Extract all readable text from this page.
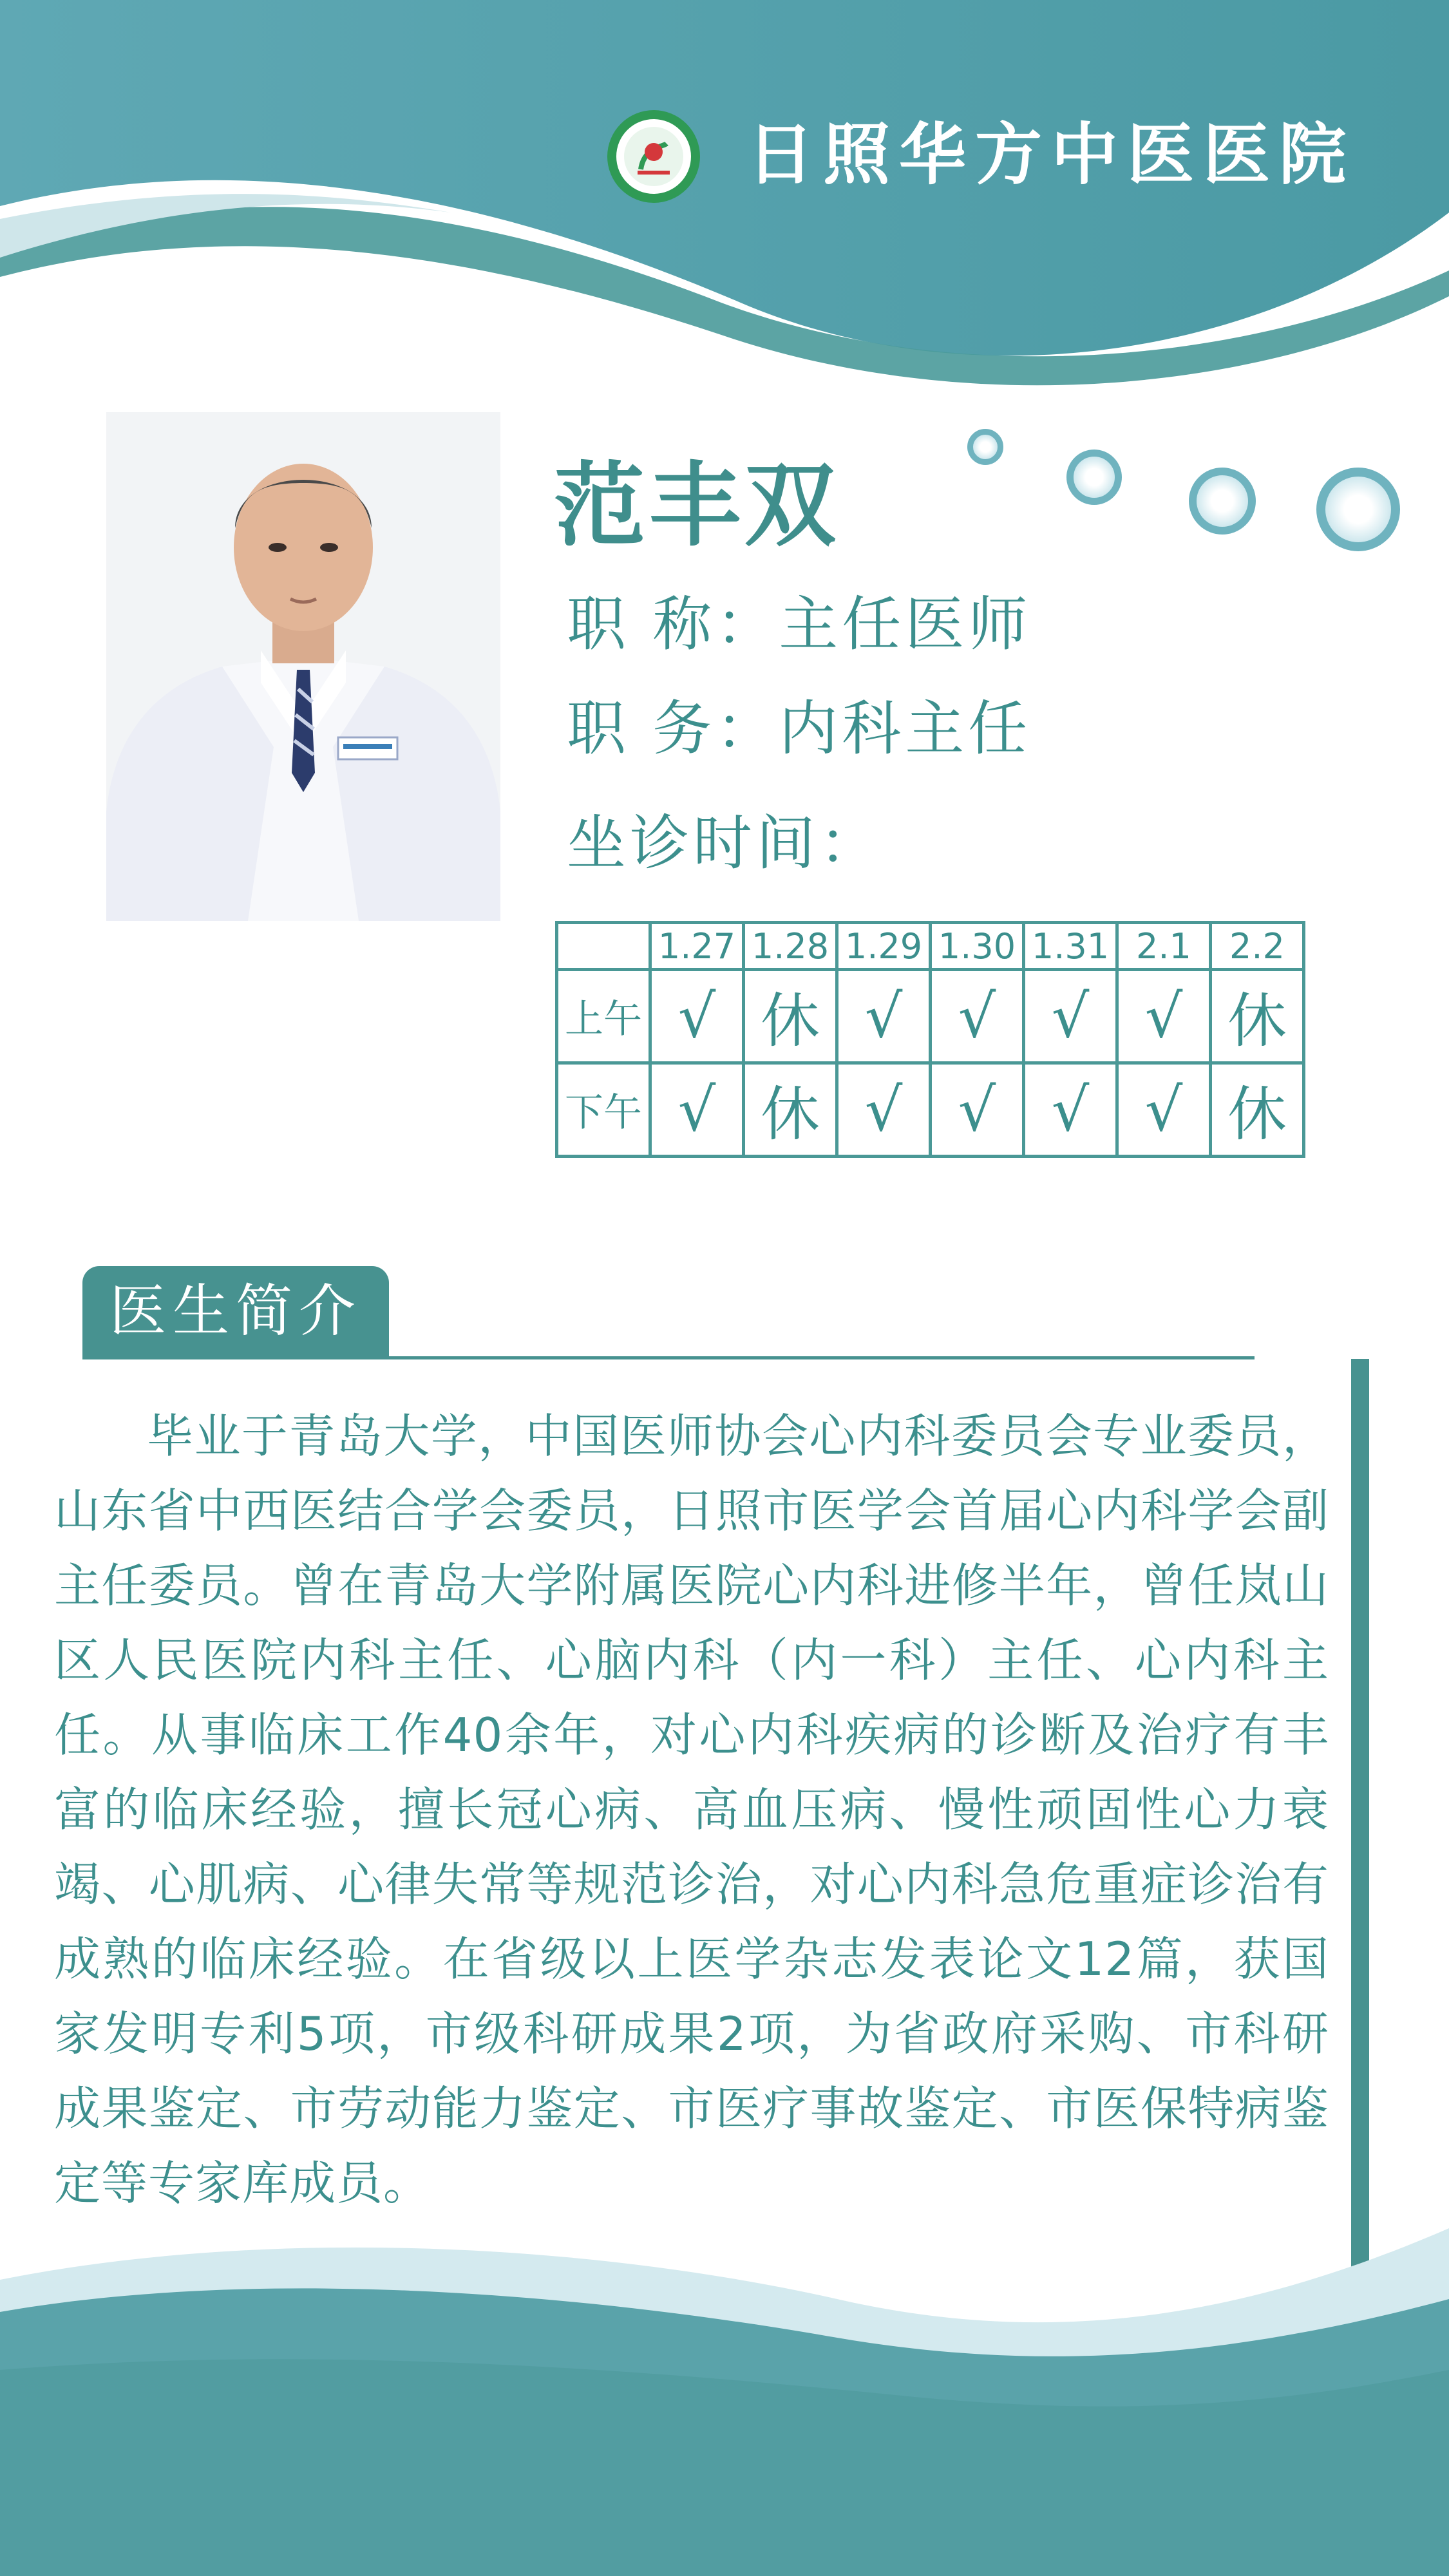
日照华方中医医院
范丰双
职 称：主任医师
职 务：内科主任
坐诊时间：
	1.27	1.28	1.29	1.30	1.31	2.1	2.2
上午	√	休	√	√	√	√	休
下午	√	休	√	√	√	√	休
医生简介
毕业于青岛大学，中国医师协会心内科委员会专业委员，山东省中西医结合学会委员，日照市医学会首届心内科学会副主任委员。曾在青岛大学附属医院心内科进修半年，曾任岚山区人民医院内科主任、心脑内科（内一科）主任、心内科主任。从事临床工作40余年，对心内科疾病的诊断及治疗有丰富的临床经验，擅长冠心病、高血压病、慢性顽固性心力衰竭、心肌病、心律失常等规范诊治，对心内科急危重症诊治有成熟的临床经验。在省级以上医学杂志发表论文12篇，获国家发明专利5项，市级科研成果2项，为省政府采购、市科研成果鉴定、市劳动能力鉴定、市医疗事故鉴定、市医保特病鉴定等专家库成员。
